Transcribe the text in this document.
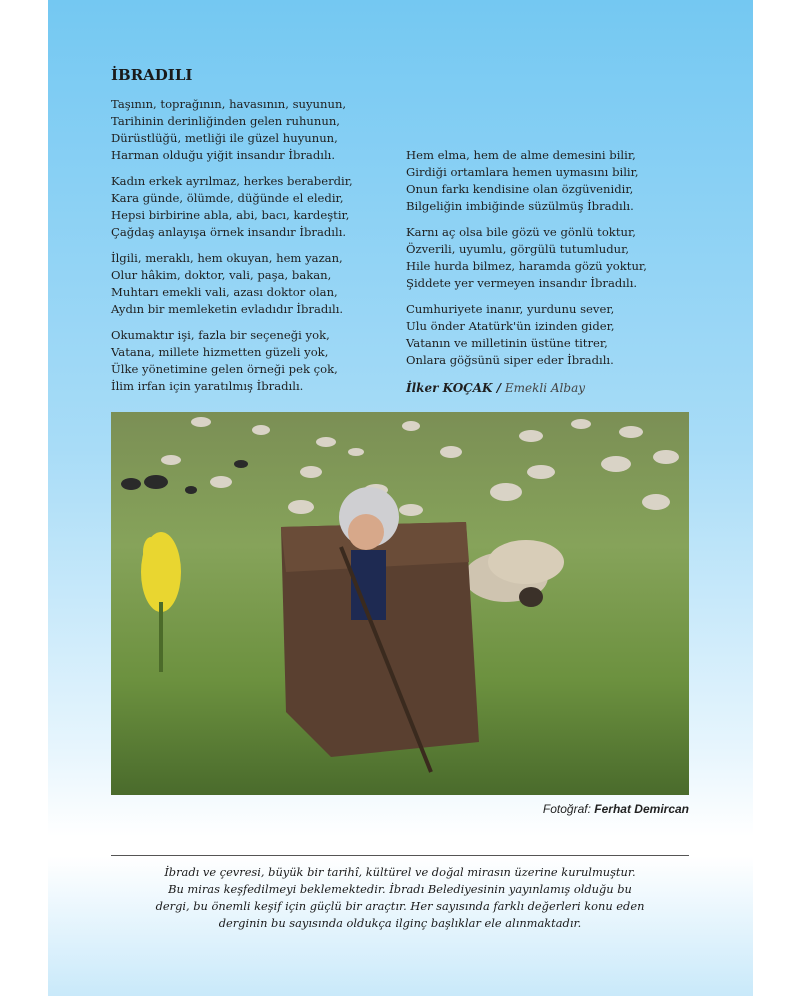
İBRADILI
Taşının, toprağının, havasının, suyunun,
Tarihinin derinliğinden gelen ruhunun,
Dürüstlüğü, metliği ile güzel huyunun,
Harman olduğu yiğit insandır İbradılı.
Kadın erkek ayrılmaz, herkes beraberdir,
Kara günde, ölümde, düğünde el eledir,
Hepsi birbirine abla, abi, bacı, kardeştir,
Çağdaş anlayışa örnek insandır İbradılı.
İlgili, meraklı, hem okuyan, hem yazan,
Olur hâkim, doktor, vali, paşa, bakan,
Muhtarı emekli vali, azası doktor olan,
Aydın bir memleketin evladıdır İbradılı.
Okumaktır işi, fazla bir seçeneği yok,
Vatana, millete hizmetten güzeli yok,
Ülke yönetimine gelen örneği pek çok,
İlim irfan için yaratılmış İbradılı.
Hem elma, hem de alme demesini bilir,
Girdiği ortamlara hemen uymasını bilir,
Onun farkı kendisine olan özgüvenidir,
Bilgeliğin imbiğinde süzülmüş İbradılı.
Karnı aç olsa bile gözü ve gönlü toktur,
Özverili, uyumlu, görgülü tutumludur,
Hile hurda bilmez, haramda gözü yoktur,
Şiddete yer vermeyen insandır İbradılı.
Cumhuriyete inanır, yurdunu sever,
Ulu önder Atatürk'ün izinden gider,
Vatanın ve milletinin üstüne titrer,
Onlara göğsünü siper eder İbradılı.
İlker KOÇAK / Emekli Albay
Fotoğraf: Ferhat Demircan
İbradı ve çevresi, büyük bir tarihî, kültürel ve doğal mirasın üzerine kurulmuştur.
Bu miras keşfedilmeyi beklemektedir. İbradı Belediyesinin yayınlamış olduğu bu
dergi, bu önemli keşif için güçlü bir araçtır. Her sayısında farklı değerleri konu eden
derginin bu sayısında oldukça ilginç başlıklar ele alınmaktadır.
